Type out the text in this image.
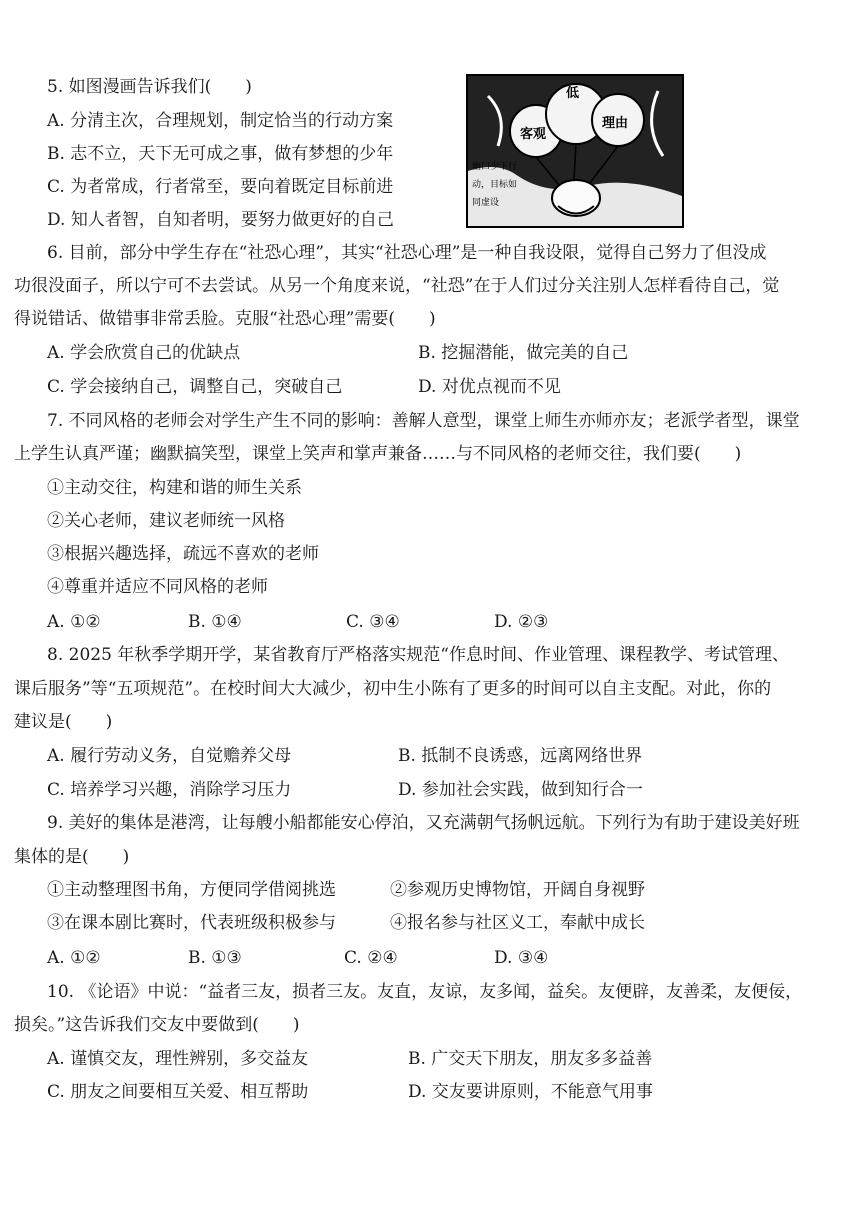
5. 如图漫画告诉我们(　　)
A. 分清主次，合理规划，制定恰当的行动方案
B. 志不立，天下无可成之事，做有梦想的少年
C. 为者常成，行者常至，要向着既定目标前进
D. 知人者智，自知者明，要努力做更好的自己
低
客观
理由
幽口少下行
动，目标如
同虚设
6. 目前，部分中学生存在“社恐心理”，其实“社恐心理”是一种自我设限，觉得自己努力了但没成
功很没面子，所以宁可不去尝试。从另一个角度来说，“社恐”在于人们过分关注别人怎样看待自己，觉
得说错话、做错事非常丢脸。克服“社恐心理”需要(　　)
A. 学会欣赏自己的优缺点	B. 挖掘潜能，做完美的自己
C. 学会接纳自己，调整自己，突破自己	D. 对优点视而不见
7. 不同风格的老师会对学生产生不同的影响：善解人意型，课堂上师生亦师亦友；老派学者型，课堂
上学生认真严谨；幽默搞笑型，课堂上笑声和掌声兼备……与不同风格的老师交往，我们要(　　)
①主动交往，构建和谐的师生关系
②关心老师，建议老师统一风格
③根据兴趣选择，疏远不喜欢的老师
④尊重并适应不同风格的老师
A. ①②	B. ①④	C. ③④	D. ②③
8. 2025 年秋季学期开学，某省教育厅严格落实规范“作息时间、作业管理、课程教学、考试管理、
课后服务”等“五项规范”。在校时间大大减少，初中生小陈有了更多的时间可以自主支配。对此，你的
建议是(　　)
A. 履行劳动义务，自觉赡养父母	B. 抵制不良诱惑，远离网络世界
C. 培养学习兴趣，消除学习压力	D. 参加社会实践，做到知行合一
9. 美好的集体是港湾，让每艘小船都能安心停泊，又充满朝气扬帆远航。下列行为有助于建设美好班
集体的是(　　)
①主动整理图书角，方便同学借阅挑选	②参观历史博物馆，开阔自身视野
③在课本剧比赛时，代表班级积极参与	④报名参与社区义工，奉献中成长
A. ①②	B. ①③	C. ②④	D. ③④
10. 《论语》中说：“益者三友，损者三友。友直，友谅，友多闻，益矣。友便辟，友善柔，友便佞，
损矣。”这告诉我们交友中要做到(　　)
A. 谨慎交友，理性辨别，多交益友	B. 广交天下朋友，朋友多多益善
C. 朋友之间要相互关爱、相互帮助	D. 交友要讲原则，不能意气用事
